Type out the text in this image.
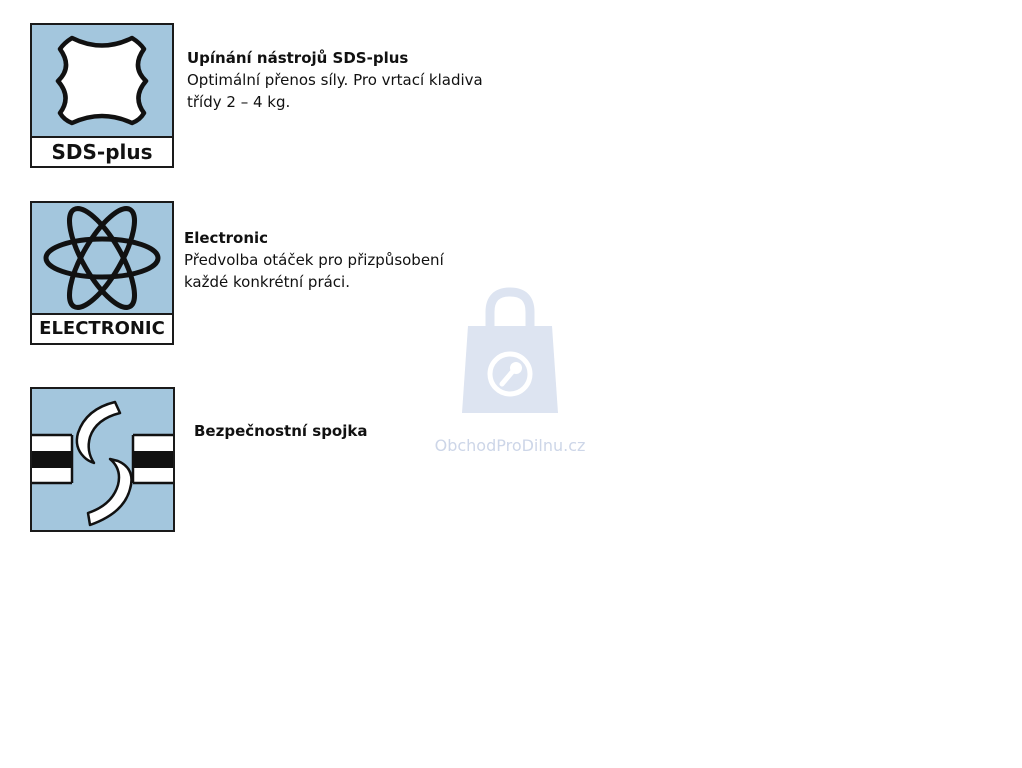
SDS-plus
Upínání nástrojů SDS-plus
Optimální přenos síly. Pro vrtací kladiva
třídy 2 – 4 kg.
ELECTRONIC
Electronic
Předvolba otáček pro přizpůsobení
každé konkrétní práci.
Bezpečnostní spojka
ObchodProDilnu.cz
